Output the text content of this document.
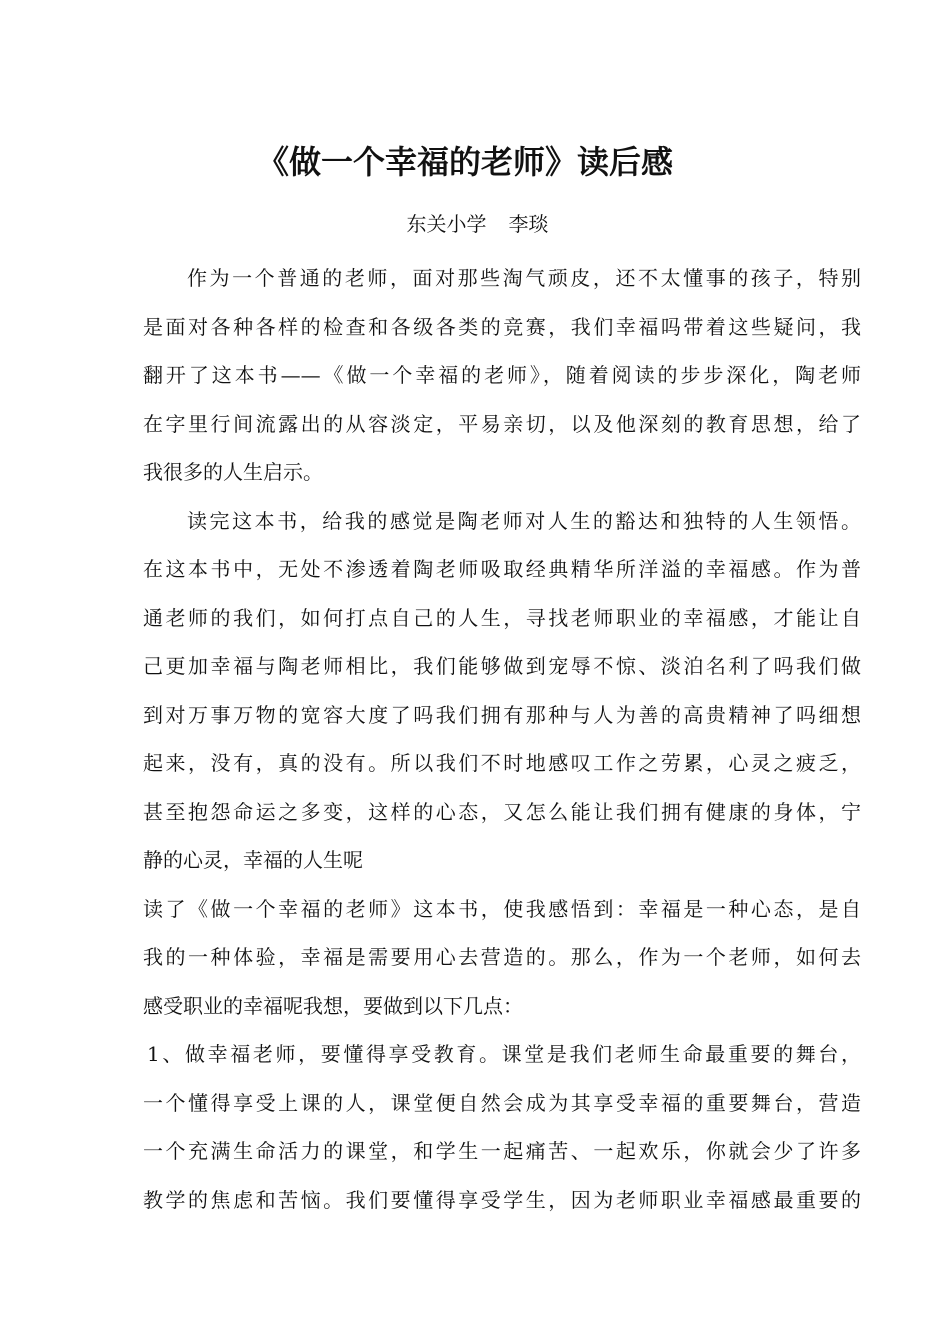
《做一个幸福的老师》读后感
东关小学 李琰
作为一个普通的老师，面对那些淘气顽皮，还不太懂事的孩子，特别
是面对各种各样的检查和各级各类的竞赛，我们幸福吗带着这些疑问，我
翻开了这本书——《做一个幸福的老师》，随着阅读的步步深化，陶老师
在字里行间流露出的从容淡定，平易亲切，以及他深刻的教育思想，给了
我很多的人生启示。
读完这本书，给我的感觉是陶老师对人生的豁达和独特的人生领悟。
在这本书中，无处不渗透着陶老师吸取经典精华所洋溢的幸福感。作为普
通老师的我们，如何打点自己的人生，寻找老师职业的幸福感，才能让自
己更加幸福与陶老师相比，我们能够做到宠辱不惊、淡泊名利了吗我们做
到对万事万物的宽容大度了吗我们拥有那种与人为善的高贵精神了吗细想
起来，没有，真的没有。所以我们不时地感叹工作之劳累，心灵之疲乏，
甚至抱怨命运之多变，这样的心态，又怎么能让我们拥有健康的身体，宁
静的心灵，幸福的人生呢
读了《做一个幸福的老师》这本书，使我感悟到：幸福是一种心态，是自
我的一种体验，幸福是需要用心去营造的。那么，作为一个老师，如何去
感受职业的幸福呢我想，要做到以下几点：
1、做幸福老师，要懂得享受教育。课堂是我们老师生命最重要的舞台，
一个懂得享受上课的人，课堂便自然会成为其享受幸福的重要舞台，营造
一个充满生命活力的课堂，和学生一起痛苦、一起欢乐，你就会少了许多
教学的焦虑和苦恼。我们要懂得享受学生，因为老师职业幸福感最重要的
